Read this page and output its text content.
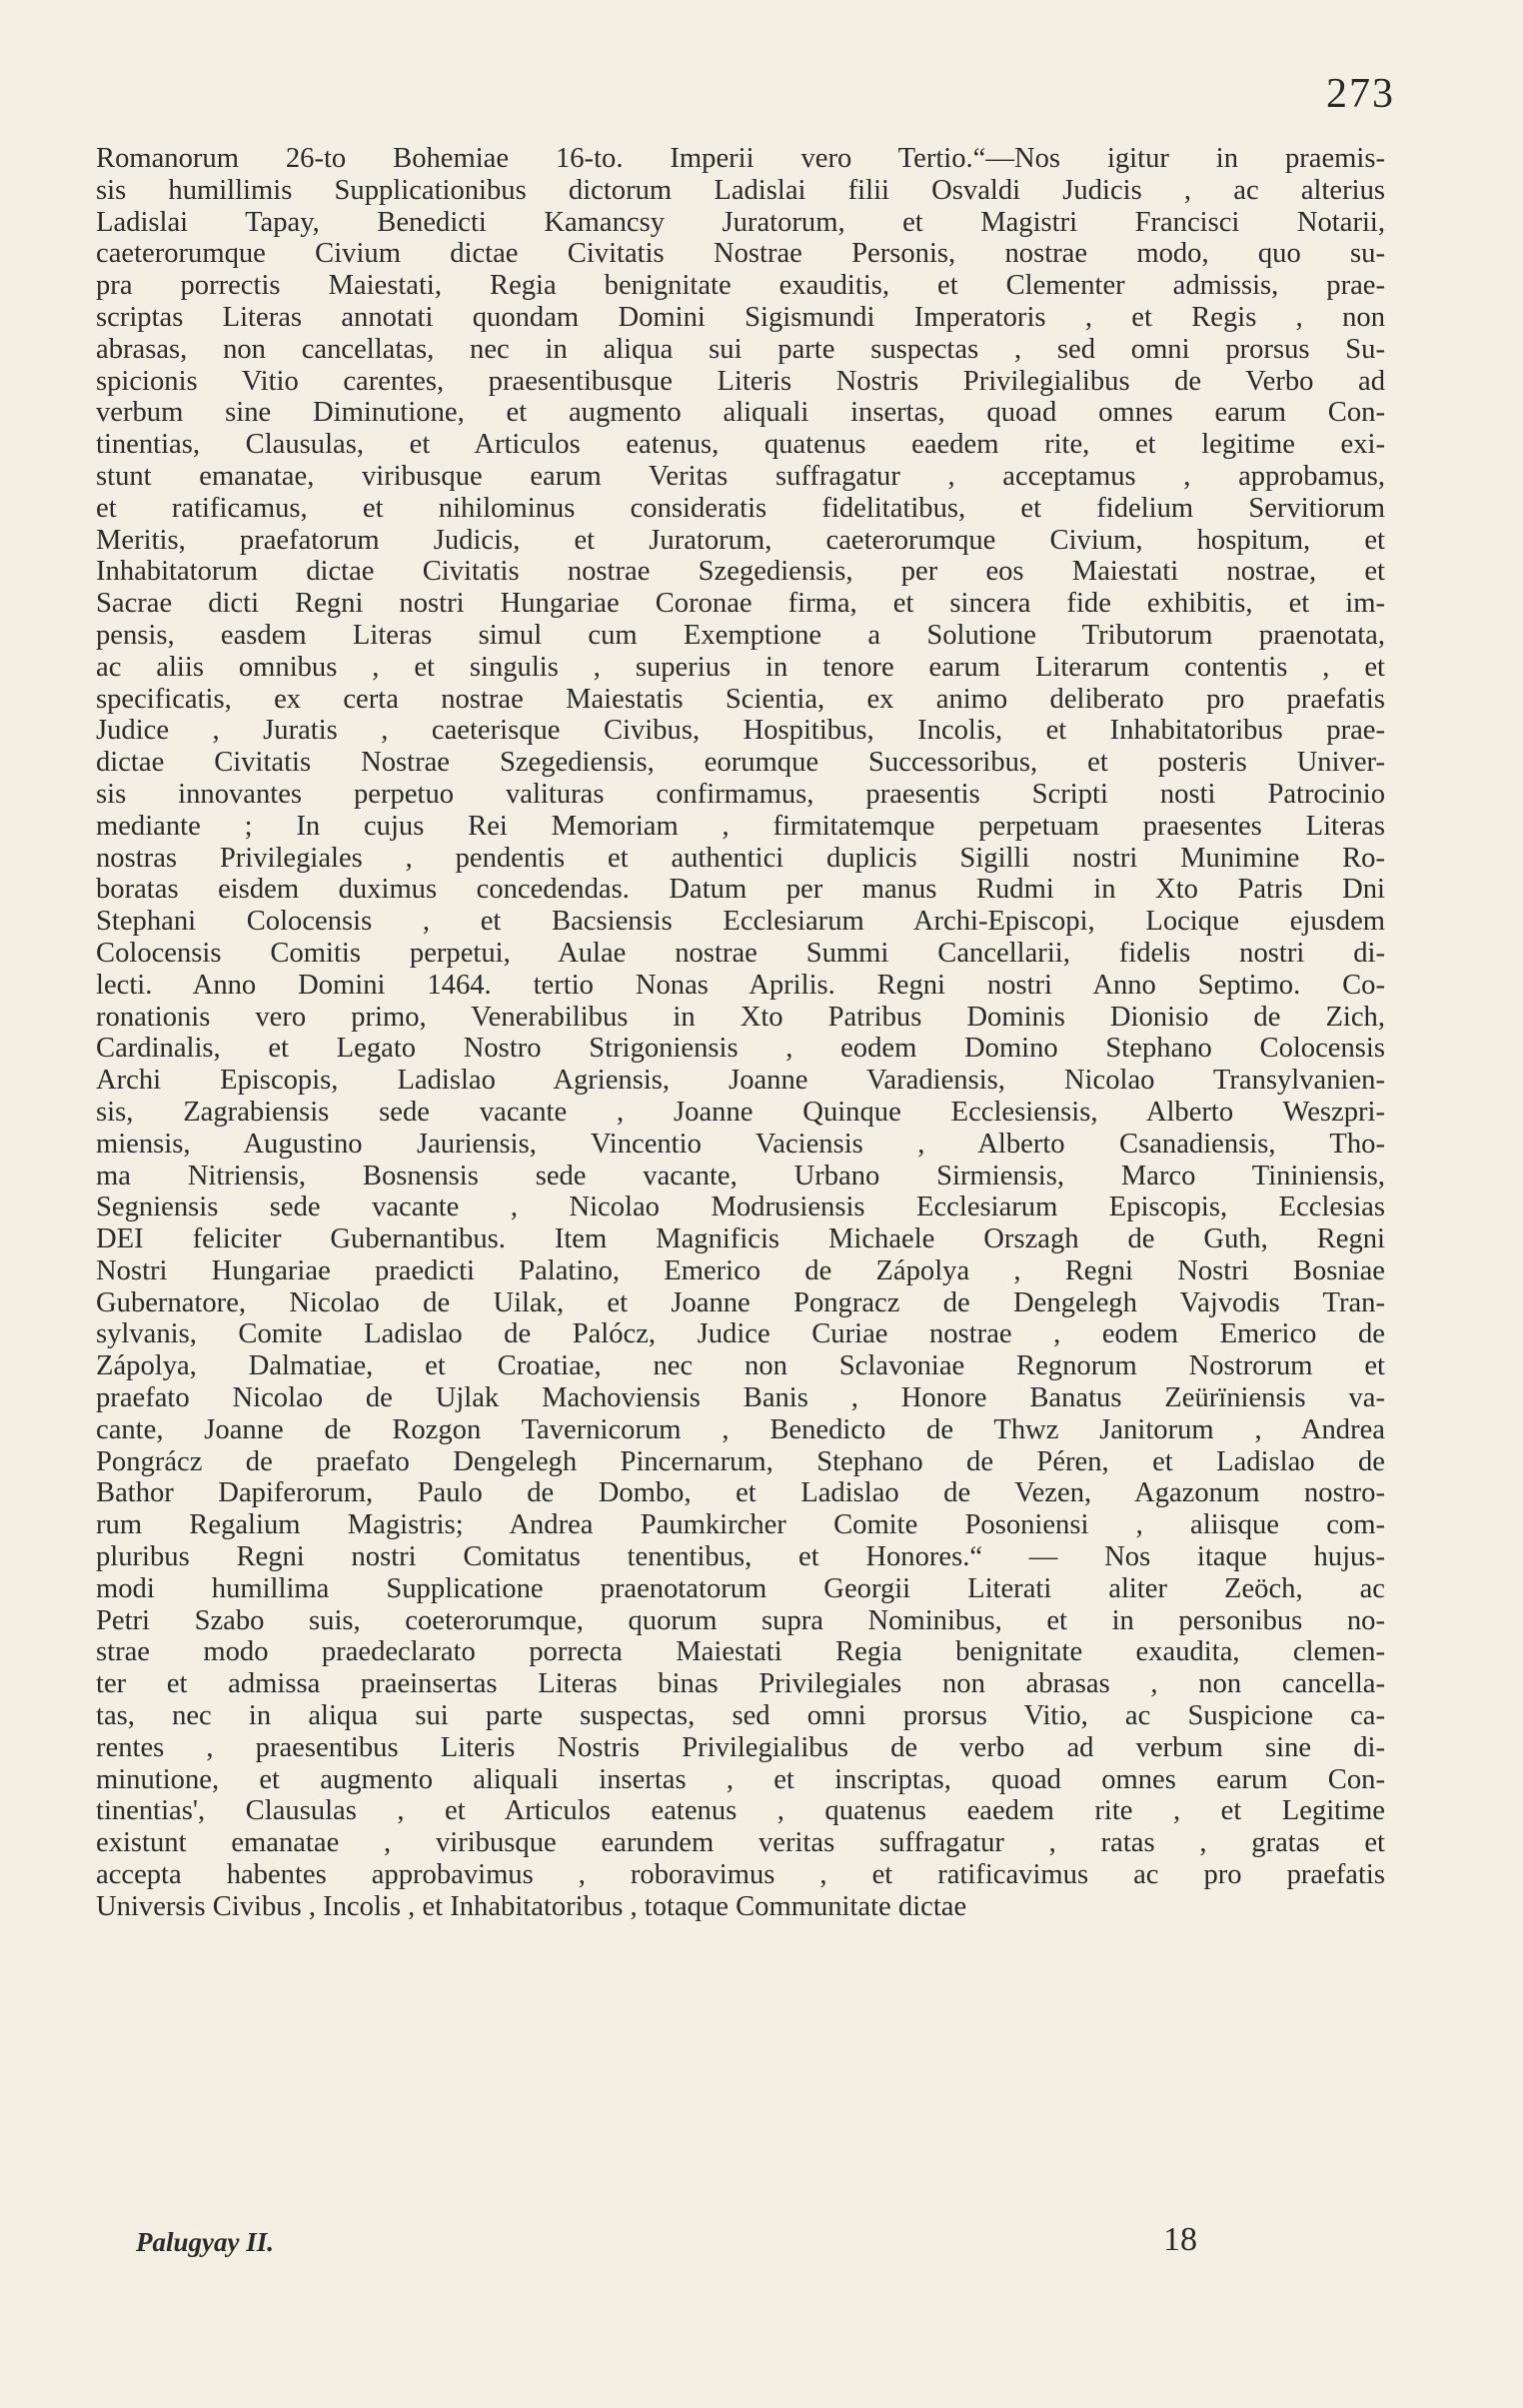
273
Romanorum 26-to Bohemiae 16-to. Imperii vero Tertio.“—Nos igitur in praemis-
sis humillimis Supplicationibus dictorum Ladislai filii Osvaldi Judicis , ac alterius
Ladislai Tapay, Benedicti Kamancsy Juratorum, et Magistri Francisci Notarii,
caeterorumque Civium dictae Civitatis Nostrae Personis, nostrae modo, quo su-
pra porrectis Maiestati, Regia benignitate exauditis, et Clementer admissis, prae-
scriptas Literas annotati quondam Domini Sigismundi Imperatoris , et Regis , non
abrasas, non cancellatas, nec in aliqua sui parte suspectas , sed omni prorsus Su-
spicionis Vitio carentes, praesentibusque Literis Nostris Privilegialibus de Verbo ad
verbum sine Diminutione, et augmento aliquali insertas, quoad omnes earum Con-
tinentias, Clausulas, et Articulos eatenus, quatenus eaedem rite, et legitime exi-
stunt emanatae, viribusque earum Veritas suffragatur , acceptamus , approbamus,
et ratificamus, et nihilominus consideratis fidelitatibus, et fidelium Servitiorum
Meritis, praefatorum Judicis, et Juratorum, caeterorumque Civium, hospitum, et
Inhabitatorum dictae Civitatis nostrae Szegediensis, per eos Maiestati nostrae, et
Sacrae dicti Regni nostri Hungariae Coronae firma, et sincera fide exhibitis, et im-
pensis, easdem Literas simul cum Exemptione a Solutione Tributorum praenotata,
ac aliis omnibus , et singulis , superius in tenore earum Literarum contentis , et
specificatis, ex certa nostrae Maiestatis Scientia, ex animo deliberato pro praefatis
Judice , Juratis , caeterisque Civibus, Hospitibus, Incolis, et Inhabitatoribus prae-
dictae Civitatis Nostrae Szegediensis, eorumque Successoribus, et posteris Univer-
sis innovantes perpetuo valituras confirmamus, praesentis Scripti nosti Patrocinio
mediante ; In cujus Rei Memoriam , firmitatemque perpetuam praesentes Literas
nostras Privilegiales , pendentis et authentici duplicis Sigilli nostri Munimine Ro-
boratas eisdem duximus concedendas. Datum per manus Rudmi in Xto Patris Dni
Stephani Colocensis , et Bacsiensis Ecclesiarum Archi-Episcopi, Locique ejusdem
Colocensis Comitis perpetui, Aulae nostrae Summi Cancellarii, fidelis nostri di-
lecti. Anno Domini 1464. tertio Nonas Aprilis. Regni nostri Anno Septimo. Co-
ronationis vero primo, Venerabilibus in Xto Patribus Dominis Dionisio de Zich,
Cardinalis, et Legato Nostro Strigoniensis , eodem Domino Stephano Colocensis
Archi Episcopis, Ladislao Agriensis, Joanne Varadiensis, Nicolao Transylvanien-
sis, Zagrabiensis sede vacante , Joanne Quinque Ecclesiensis, Alberto Weszpri-
miensis, Augustino Jauriensis, Vincentio Vaciensis , Alberto Csanadiensis, Tho-
ma Nitriensis, Bosnensis sede vacante, Urbano Sirmiensis, Marco Tininiensis,
Segniensis sede vacante , Nicolao Modrusiensis Ecclesiarum Episcopis, Ecclesias
DEI feliciter Gubernantibus. Item Magnificis Michaele Orszagh de Guth, Regni
Nostri Hungariae praedicti Palatino, Emerico de Zápolya , Regni Nostri Bosniae
Gubernatore, Nicolao de Uilak, et Joanne Pongracz de Dengelegh Vajvodis Tran-
sylvanis, Comite Ladislao de Palócz, Judice Curiae nostrae , eodem Emerico de
Zápolya, Dalmatiae, et Croatiae, nec non Sclavoniae Regnorum Nostrorum et
praefato Nicolao de Ujlak Machoviensis Banis , Honore Banatus Zeürïniensis va-
cante, Joanne de Rozgon Tavernicorum , Benedicto de Thwz Janitorum , Andrea
Pongrácz de praefato Dengelegh Pincernarum, Stephano de Péren, et Ladislao de
Bathor Dapiferorum, Paulo de Dombo, et Ladislao de Vezen, Agazonum nostro-
rum Regalium Magistris; Andrea Paumkircher Comite Posoniensi , aliisque com-
pluribus Regni nostri Comitatus tenentibus, et Honores.“ — Nos itaque hujus-
modi humillima Supplicatione praenotatorum Georgii Literati aliter Zeöch, ac
Petri Szabo suis, coeterorumque, quorum supra Nominibus, et in personibus no-
strae modo praedeclarato porrecta Maiestati Regia benignitate exaudita, clemen-
ter et admissa praeinsertas Literas binas Privilegiales non abrasas , non cancella-
tas, nec in aliqua sui parte suspectas, sed omni prorsus Vitio, ac Suspicione ca-
rentes , praesentibus Literis Nostris Privilegialibus de verbo ad verbum sine di-
minutione, et augmento aliquali insertas , et inscriptas, quoad omnes earum Con-
tinentias', Clausulas , et Articulos eatenus , quatenus eaedem rite , et Legitime
existunt emanatae , viribusque earundem veritas suffragatur , ratas , gratas et
accepta habentes approbavimus , roboravimus , et ratificavimus ac pro praefatis
Universis Civibus , Incolis , et Inhabitatoribus , totaque Communitate dictae
Palugyay II.	18
